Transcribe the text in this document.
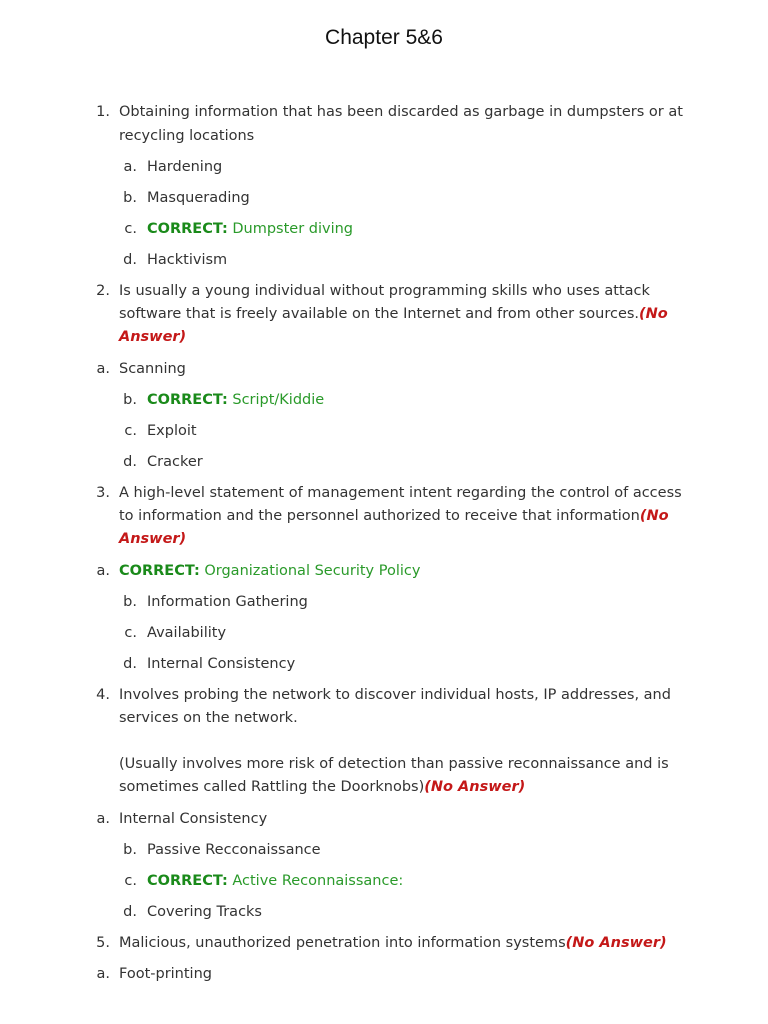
Chapter 5&6
1. Obtaining information that has been discarded as garbage in dumpsters or at
recycling locations
a. Hardening
b. Masquerading
c. CORRECT: Dumpster diving
d. Hacktivism
2. Is usually a young individual without programming skills who uses attack
software that is freely available on the Internet and from other sources.(No
Answer)
a. Scanning
b. CORRECT: Script/Kiddie
c. Exploit
d. Cracker
3. A high-level statement of management intent regarding the control of access
to information and the personnel authorized to receive that information(No
Answer)
a. CORRECT: Organizational Security Policy
b. Information Gathering
c. Availability
d. Internal Consistency
4. Involves probing the network to discover individual hosts, IP addresses, and
services on the network.
(Usually involves more risk of detection than passive reconnaissance and is
sometimes called Rattling the Doorknobs)(No Answer)
a. Internal Consistency
b. Passive Recconaissance
c. CORRECT: Active Reconnaissance:
d. Covering Tracks
5. Malicious, unauthorized penetration into information systems(No Answer)
a. Foot-printing
